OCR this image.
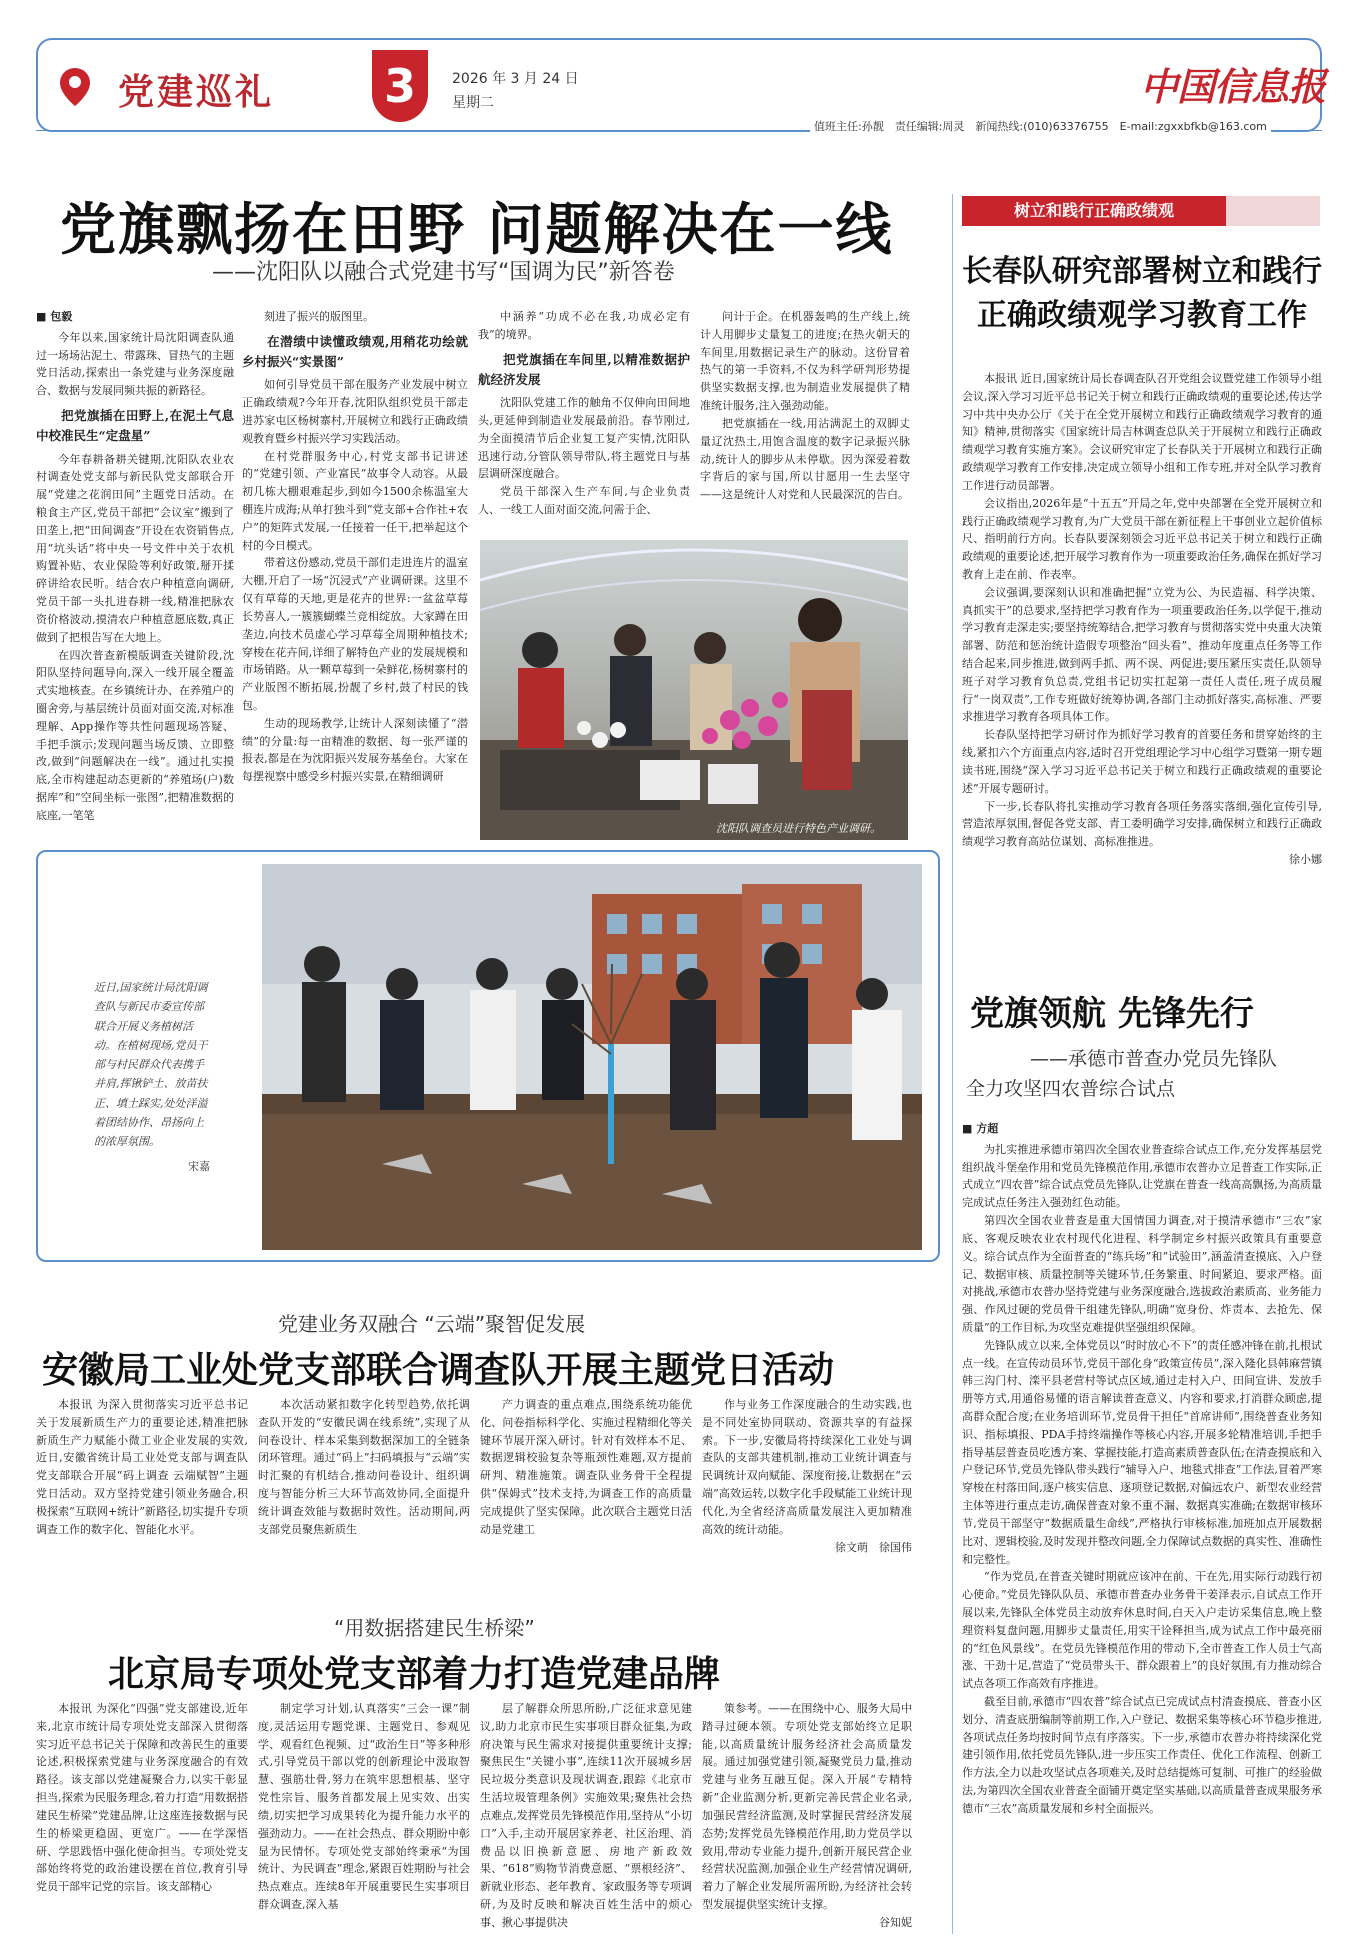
党建巡礼 3	2026 年 3 月 24 日
星期二	中国信息报
值班主任:孙靓　责任编辑:周灵　新闻热线:(010)63376755　E-mail:zgxxbfkb@163.com
党旗飘扬在田野 问题解决在一线
——沈阳队以融合式党建书写“国调为民”新答卷
■ 包毅

今年以来,国家统计局沈阳调查队通过一场场沾泥土、带露珠、冒热气的主题党日活动,探索出一条党建与业务深度融合、数据与发展同频共振的新路径。

把党旗插在田野上,在泥土气息中校准民生“定盘星”

今年春耕备耕关键期,沈阳队农业农村调查处党支部与新民队党支部联合开展“党建之花润田间”主题党日活动。在粮食主产区,党员干部把“会议室”搬到了田垄上,把“田间调查”开设在农资销售点,用“坑头话”将中央一号文件中关于农机购置补贴、农业保险等利好政策,掰开揉碎讲给农民听。结合农户种植意向调研,党员干部一头扎进春耕一线,精准把脉农资价格波动,摸清农户种植意愿底数,真正做到了把根告写在大地上。

在四次普查新模版调查关键阶段,沈阳队坚持问题导向,深入一线开展全覆盖式实地核查。在乡镇统计办、在养殖户的圈舍旁,与基层统计员面对面交流,对标准理解、App操作等共性问题现场答疑、手把手演示;发现问题当场反馈、立即整改,做到“问题解决在一线”。通过扎实摸底,全市构建起动态更新的“养殖场(户)数据库”和“空间坐标一张图”,把精准数据的底座,一笔笔

刻进了振兴的版图里。

在潜绩中读懂政绩观,用稍花功绘就乡村振兴“实景图”

如何引导党员干部在服务产业发展中树立正确政绩观?今年开春,沈阳队组织党员干部走进苏家屯区杨树寨村,开展树立和践行正确政绩观教育暨乡村振兴学习实践活动。

在村党群服务中心,村党支部书记讲述的“党建引领、产业富民”故事令人动容。从最初几栋大棚艰难起步,到如今1500余栋温室大棚连片成海;从单打独斗到“党支部+合作社+农户”的矩阵式发展,一任接着一任干,把举起这个村的今日模式。

带着这份感动,党员干部们走进连片的温室大棚,开启了一场“沉浸式”产业调研课。这里不仅有草莓的天地,更是花卉的世界:一盆盆草莓长势喜人,一簇簇蝴蝶兰竞相绽放。大家蹲在田垄边,向技术员虚心学习草莓全周期种植技术;穿梭在花卉间,详细了解特色产业的发展规模和市场销路。从一颗草莓到一朵鲜花,杨树寨村的产业版图不断拓展,扮靓了乡村,鼓了村民的钱包。

生动的现场教学,让统计人深刻读懂了“潜绩”的分量:每一亩精准的数据、每一张严谨的报表,都是在为沈阳振兴发展夯基垒台。大家在每摆视察中感受乡村振兴实景,在精细调研

中涵养“功成不必在我,功成必定有我”的境界。

把党旗插在车间里,以精准数据护航经济发展

沈阳队党建工作的触角不仅伸向田间地头,更延伸到制造业发展最前沿。春节刚过,为全面摸清节后企业复工复产实情,沈阳队迅速行动,分管队领导带队,将主题党日与基层调研深度融合。

党员干部深入生产车间,与企业负责人、一线工人面对面交流,问需于企、

问计于企。在机器轰鸣的生产线上,统计人用脚步丈量复工的进度;在热火朝天的车间里,用数据记录生产的脉动。这份冒着热气的第一手资料,不仅为科学研判形势提供坚实数据支撑,也为制造业发展提供了精准统计服务,注入强劲动能。

把党旗插在一线,用沾满泥土的双脚丈量辽沈热土,用饱含温度的数字记录振兴脉动,统计人的脚步从未停歇。因为深爱着数字背后的家与国,所以甘愿用一生去坚守——这是统计人对党和人民最深沉的告白。

沈阳队调查员进行特色产业调研。
近日,国家统计局沈阳调查队与新民市委宣传部联合开展义务植树活动。在植树现场,党员干部与村民群众代表携手并肩,挥锹铲土、放苗扶正、填土踩实,处处洋溢着团结协作、昂扬向上的浓厚氛围。
宋嘉
党建业务双融合 “云端”聚智促发展
安徽局工业处党支部联合调查队开展主题党日活动

本报讯 为深入贯彻落实习近平总书记关于发展新质生产力的重要论述,精准把脉新质生产力赋能小微工业企业发展的实效,近日,安徽省统计局工业处党支部与调查队党支部联合开展“码上调查 云端赋智”主题党日活动。双方坚持党建引领业务融合,积极探索“互联网+统计”新路径,切实提升专项调查工作的数字化、智能化水平。

本次活动紧扣数字化转型趋势,依托调查队开发的“安徽民调在线系统”,实现了从问卷设计、样本采集到数据深加工的全链条闭环管理。通过“码上”扫码填报与“云端”实时汇聚的有机结合,推动问卷设计、组织调度与智能分析三大环节高效协同,全面提升统计调查效能与数据时效性。活动期间,两支部党员聚焦新质生

产力调查的重点难点,围绕系统功能优化、问卷指标科学化、实施过程精细化等关键环节展开深入研讨。针对有效样本不足、数据逻辑校验复杂等瓶颈性难题,双方提前研判、精准施策。调查队业务骨干全程提供“保姆式”技术支持,为调查工作的高质量完成提供了坚实保障。此次联合主题党日活动是党建工

作与业务工作深度融合的生动实践,也是不同处室协同联动、资源共享的有益探索。下一步,安徽局将持续深化工业处与调查队的支部共建机制,推动工业统计调查与民调统计双向赋能、深度衔接,让数据在“云端”高效运转,以数字化手段赋能工业统计现代化,为全省经济高质量发展注入更加精准高效的统计动能。

徐文萌　徐国伟
“用数据搭建民生桥梁”
北京局专项处党支部着力打造党建品牌

本报讯 为深化“四强”党支部建设,近年来,北京市统计局专项处党支部深入贯彻落实习近平总书记关于保障和改善民生的重要论述,积极探索党建与业务深度融合的有效路径。该支部以党建凝聚合力,以实干彰显担当,探索为民服务理念,着力打造“用数据搭建民生桥梁”党建品牌,让这座连接数据与民生的桥梁更稳固、更宽广。——在学深悟研、学思践悟中强化使命担当。专项处党支部始终将党的政治建设摆在首位,教育引导党员干部牢记党的宗旨。该支部精心

制定学习计划,认真落实“三会一课”制度,灵活运用专题党课、主题党日、参观见学、观看红色视频、过“政治生日”等多种形式,引导党员干部以党的创新理论中汲取智慧、强筋壮骨,努力在筑牢思想根基、坚守党性宗旨、服务首都发展上见实效、出实绩,切实把学习成果转化为提升能力水平的强劲动力。——在社会热点、群众期盼中彰显为民情怀。专项处党支部始终秉承“为国统计、为民调查”理念,紧跟百姓期盼与社会热点难点。连续8年开展重要民生实事项目群众调查,深入基

层了解群众所思所盼,广泛征求意见建议,助力北京市民生实事项目群众征集,为政府决策与民生需求对接提供重要统计支撑;聚焦民生“关键小事”,连续11次开展城乡居民垃圾分类意识及现状调查,跟踪《北京市生活垃圾管理条例》实施效果;聚焦社会热点难点,发挥党员先锋模范作用,坚持从“小切口”入手,主动开展居家养老、社区治理、消费品以旧换新意愿、房地产新政效果、“618”购物节消费意愿、“票根经济”、新就业形态、老年教育、家政服务等专项调研,为及时反映和解决百姓生活中的烦心事、揪心事提供决

策参考。——在围绕中心、服务大局中踏寻过硬本领。专项处党支部始终立足职能,以高质量统计服务经济社会高质量发展。通过加强党建引领,凝聚党员力量,推动党建与业务互融互促。深入开展“专精特新”企业监测分析,更新完善民营企业名录,加强民营经济监测,及时掌握民营经济发展态势;发挥党员先锋模范作用,助力党员学以致用,带动专业能力提升,创新开展民营企业经营状况监测,加强企业生产经营情况调研,着力了解企业发展所需所盼,为经济社会转型发展提供坚实统计支撑。

谷知妮
树立和践行正确政绩观
长春队研究部署树立和践行正确政绩观学习教育工作

本报讯 近日,国家统计局长春调查队召开党组会议暨党建工作领导小组会议,深入学习习近平总书记关于树立和践行正确政绩观的重要论述,传达学习中共中央办公厅《关于在全党开展树立和践行正确政绩观学习教育的通知》精神,贯彻落实《国家统计局吉林调查总队关于开展树立和践行正确政绩观学习教育实施方案》。会议研究审定了长春队关于开展树立和践行正确政绩观学习教育工作安排,决定成立领导小组和工作专班,并对全队学习教育工作进行动员部署。

会议指出,2026年是“十五五”开局之年,党中央部署在全党开展树立和践行正确政绩观学习教育,为广大党员干部在新征程上干事创业立起价值标尺、指明前行方向。长春队要深刻领会习近平总书记关于树立和践行正确政绩观的重要论述,把开展学习教育作为一项重要政治任务,确保在抓好学习教育上走在前、作表率。

会议强调,要深刻认识和准确把握“立党为公、为民造福、科学决策、真抓实干”的总要求,坚持把学习教育作为一项重要政治任务,以学促干,推动学习教育走深走实;要坚持统筹结合,把学习教育与贯彻落实党中央重大决策部署、防范和惩治统计造假专项整治“回头看”、推动年度重点任务等工作结合起来,同步推进,做到两手抓、两不误、两促进;要压紧压实责任,队领导班子对学习教育负总责,党组书记切实扛起第一责任人责任,班子成员履行“一岗双责”,工作专班做好统筹协调,各部门主动抓好落实,高标准、严要求推进学习教育各项具体工作。

长春队坚持把学习研讨作为抓好学习教育的首要任务和贯穿始终的主线,紧扣六个方面重点内容,适时召开党组理论学习中心组学习暨第一期专题读书班,围绕“深入学习习近平总书记关于树立和践行正确政绩观的重要论述”开展专题研讨。

下一步,长春队将扎实推动学习教育各项任务落实落细,强化宣传引导,营造浓厚氛围,督促各党支部、青工委明确学习安排,确保树立和践行正确政绩观学习教育高站位谋划、高标准推进。

徐小娜
党旗领航 先锋先行
——承德市普查办党员先锋队
全力攻坚四农普综合试点
■ 方超

为扎实推进承德市第四次全国农业普查综合试点工作,充分发挥基层党组织战斗堡垒作用和党员先锋模范作用,承德市农普办立足普查工作实际,正式成立“四农普”综合试点党员先锋队,让党旗在普查一线高高飘扬,为高质量完成试点任务注入强劲红色动能。

第四次全国农业普查是重大国情国力调查,对于摸清承德市“三农”家底、客观反映农业农村现代化进程、科学制定乡村振兴政策具有重要意义。综合试点作为全面普查的“练兵场”和“试验田”,涵盖清查摸底、入户登记、数据审核、质量控制等关键环节,任务繁重、时间紧迫、要求严格。面对挑战,承德市农普办坚持党建与业务深度融合,选拔政治素质高、业务能力强、作风过硬的党员骨干组建先锋队,明确“宽身份、炸责本、去抢先、保质量”的工作目标,为攻坚克难提供坚强组织保障。

先锋队成立以来,全体党员以“时时放心不下”的责任感冲锋在前,扎根试点一线。在宣传动员环节,党员干部化身“政策宣传员”,深入隆化县韩麻营镇韩三沟门村、滦平县老营村等试点区域,通过走村入户、田间宣讲、发放手册等方式,用通俗易懂的语言解读普查意义、内容和要求,打消群众顾虑,提高群众配合度;在业务培训环节,党员骨干担任“首席讲师”,围绕普查业务知识、指标填报、PDA手持终端操作等核心内容,开展多轮精准培训,手把手指导基层普查员吃透方案、掌握技能,打造高素质普查队伍;在清查摸底和入户登记环节,党员先锋队带头践行“辅导入户、地毯式排查”工作法,冒着严寒穿梭在村落田间,逐户核实信息、逐项登记数据,对偏远农户、新型农业经营主体等进行重点走访,确保普查对象不重不漏、数据真实准确;在数据审核环节,党员干部坚守“数据质量生命线”,严格执行审核标准,加班加点开展数据比对、逻辑校验,及时发现并整改问题,全力保障试点数据的真实性、准确性和完整性。

“作为党员,在普查关键时期就应该冲在前、干在先,用实际行动践行初心使命。”党员先锋队队员、承德市普查办业务骨干姜泽表示,自试点工作开展以来,先锋队全体党员主动放弃休息时间,白天入户走访采集信息,晚上整理资料复盘问题,用脚步丈量责任,用实干诠释担当,成为试点工作中最亮丽的“红色风景线”。在党员先锋模范作用的带动下,全市普查工作人员士气高涨、干劲十足,营造了“党员带头干、群众跟着上”的良好氛围,有力推动综合试点各项工作高效有序推进。

截至目前,承德市“四农普”综合试点已完成试点村清查摸底、普查小区划分、清查底册编制等前期工作,入户登记、数据采集等核心环节稳步推进,各项试点任务均按时间节点有序落实。下一步,承德市农普办将持续深化党建引领作用,依托党员先锋队,进一步压实工作责任、优化工作流程、创新工作方法,全力以赴攻坚试点各项难关,及时总结提炼可复制、可推广的经验做法,为第四次全国农业普查全面铺开奠定坚实基础,以高质量普查成果服务承德市“三农”高质量发展和乡村全面振兴。
